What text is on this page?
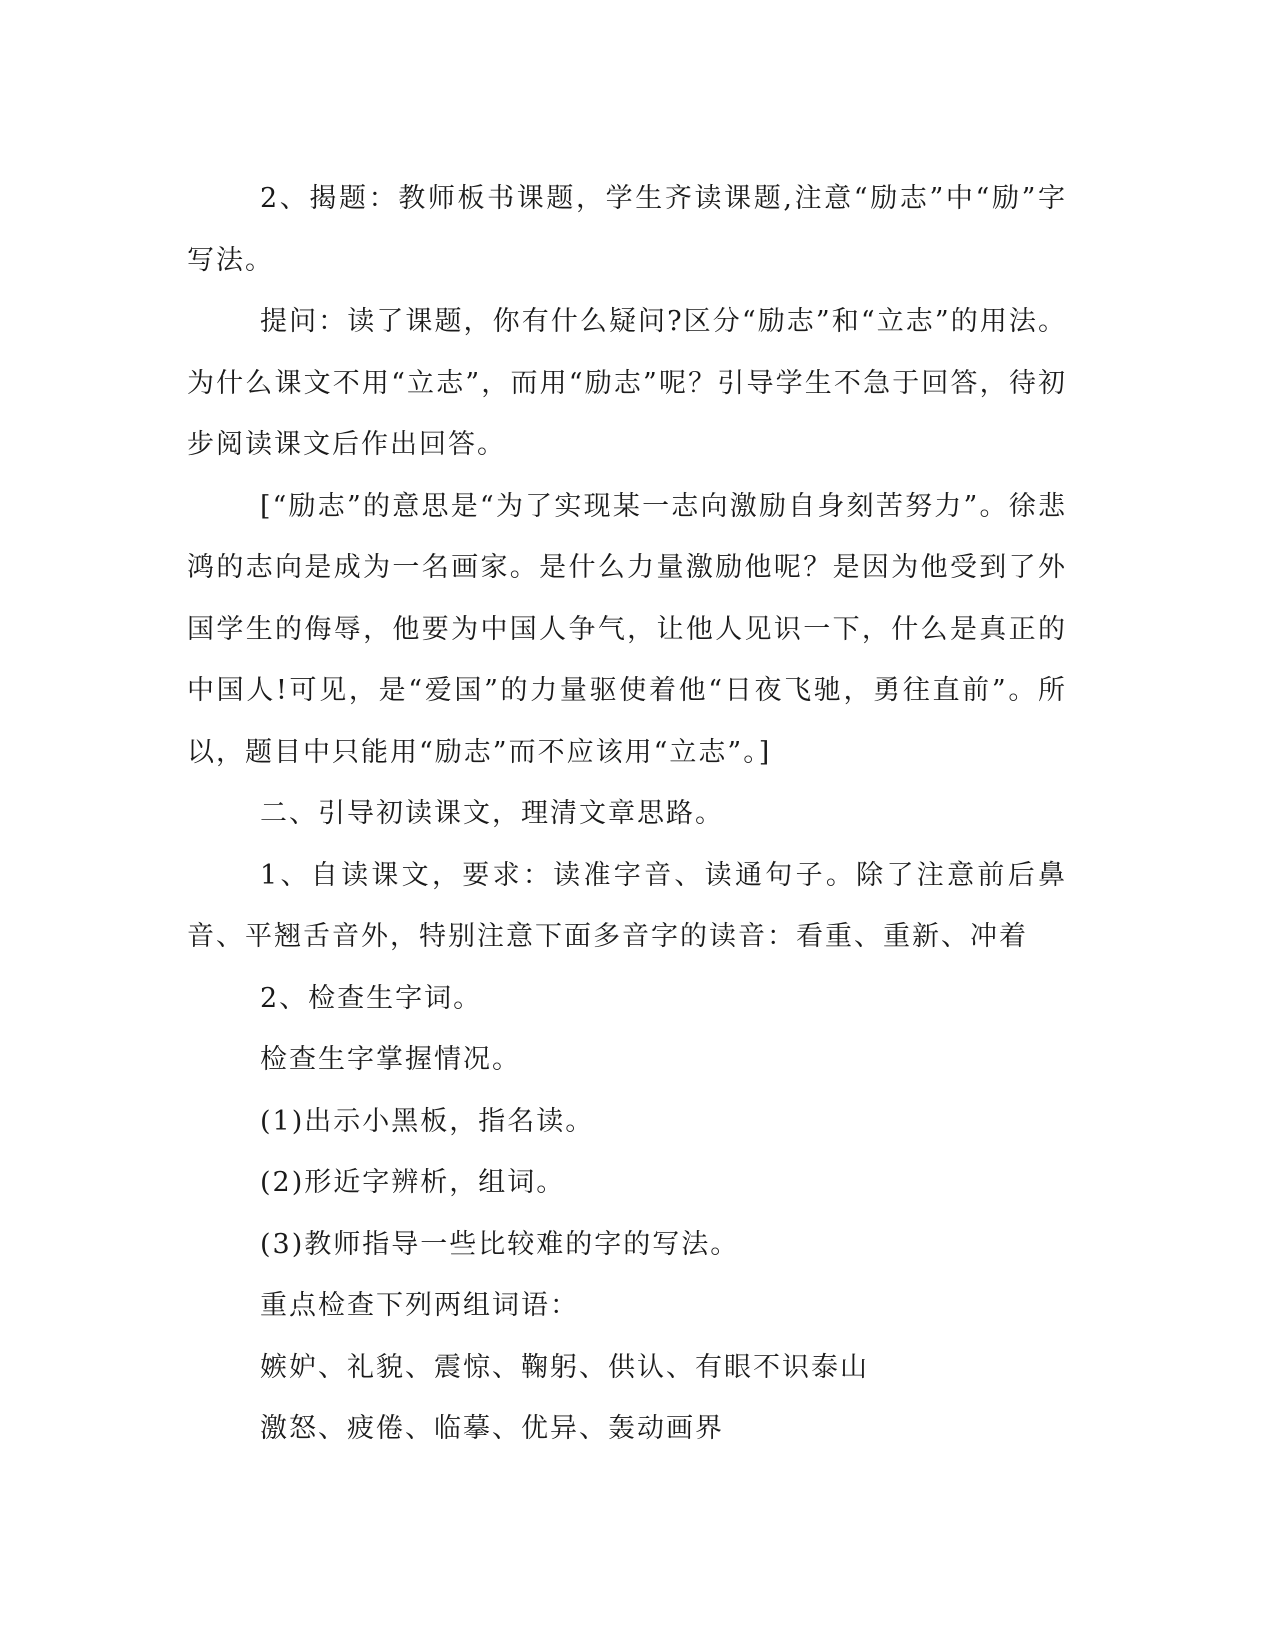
2、揭题：教师板书课题，学生齐读课题,注意“励志”中“励”字写法。

提问：读了课题，你有什么疑问?区分“励志”和“立志”的用法。为什么课文不用“立志”，而用“励志”呢？引导学生不急于回答，待初步阅读课文后作出回答。

[“励志”的意思是“为了实现某一志向激励自身刻苦努力”。徐悲鸿的志向是成为一名画家。是什么力量激励他呢？是因为他受到了外国学生的侮辱，他要为中国人争气，让他人见识一下，什么是真正的中国人!可见，是“爱国”的力量驱使着他“日夜飞驰，勇往直前”。所以，题目中只能用“励志”而不应该用“立志”。]

二、引导初读课文，理清文章思路。

1、自读课文，要求：读准字音、读通句子。除了注意前后鼻音、平翘舌音外，特别注意下面多音字的读音：看重、重新、冲着

2、检查生字词。

检查生字掌握情况。

(1)出示小黑板，指名读。

(2)形近字辨析，组词。

(3)教师指导一些比较难的字的写法。

重点检查下列两组词语：

嫉妒、礼貌、震惊、鞠躬、供认、有眼不识泰山

激怒、疲倦、临摹、优异、轰动画界
